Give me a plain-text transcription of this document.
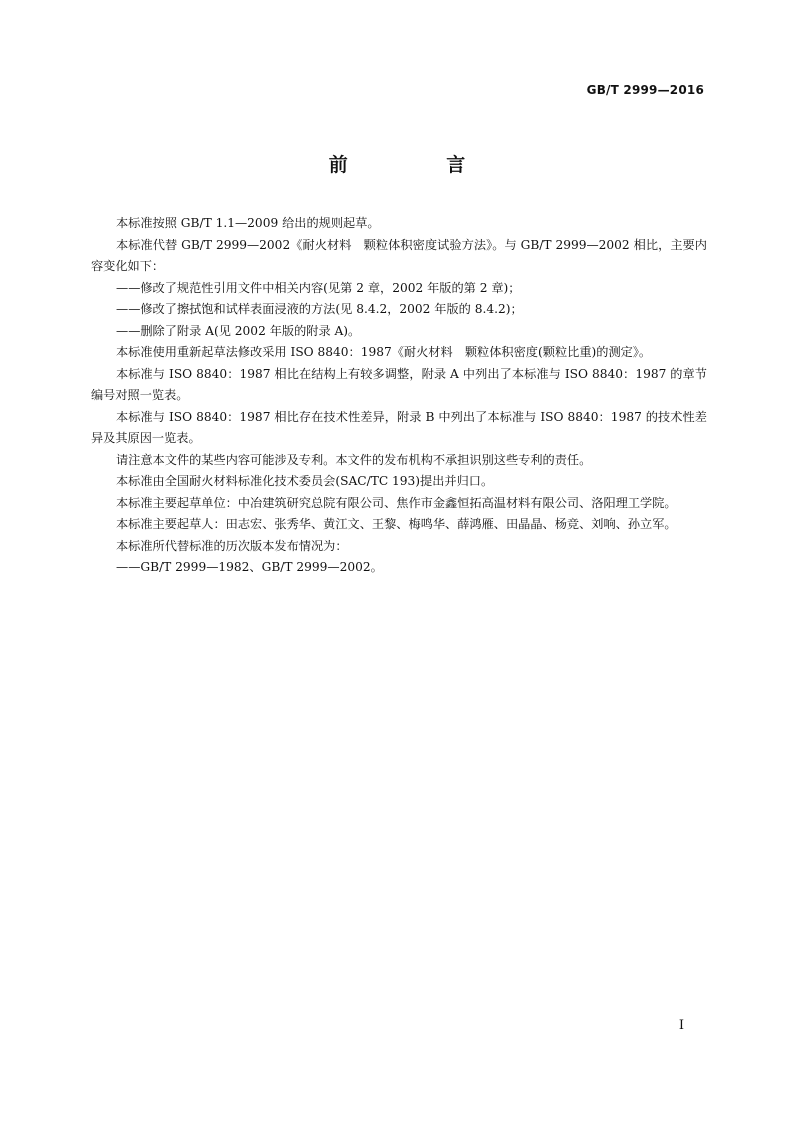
GB/T 2999—2016
前 言

本标准按照 GB/T 1.1—2009 给出的规则起草。

本标准代替 GB/T 2999—2002《耐火材料　颗粒体积密度试验方法》。与 GB/T 2999—2002 相比，主要内容变化如下：

——修改了规范性引用文件中相关内容(见第 2 章，2002 年版的第 2 章)；

——修改了擦拭饱和试样表面浸液的方法(见 8.4.2，2002 年版的 8.4.2)；

——删除了附录 A(见 2002 年版的附录 A)。

本标准使用重新起草法修改采用 ISO 8840：1987《耐火材料　颗粒体积密度(颗粒比重)的测定》。

本标准与 ISO 8840：1987 相比在结构上有较多调整，附录 A 中列出了本标准与 ISO 8840：1987 的章节编号对照一览表。

本标准与 ISO 8840：1987 相比存在技术性差异，附录 B 中列出了本标准与 ISO 8840：1987 的技术性差异及其原因一览表。

请注意本文件的某些内容可能涉及专利。本文件的发布机构不承担识别这些专利的责任。

本标准由全国耐火材料标准化技术委员会(SAC/TC 193)提出并归口。

本标准主要起草单位：中冶建筑研究总院有限公司、焦作市金鑫恒拓高温材料有限公司、洛阳理工学院。

本标准主要起草人：田志宏、张秀华、黄江文、王黎、梅鸣华、薛鸿雁、田晶晶、杨竞、刘响、孙立军。

本标准所代替标准的历次版本发布情况为：

——GB/T 2999—1982、GB/T 2999—2002。

I
